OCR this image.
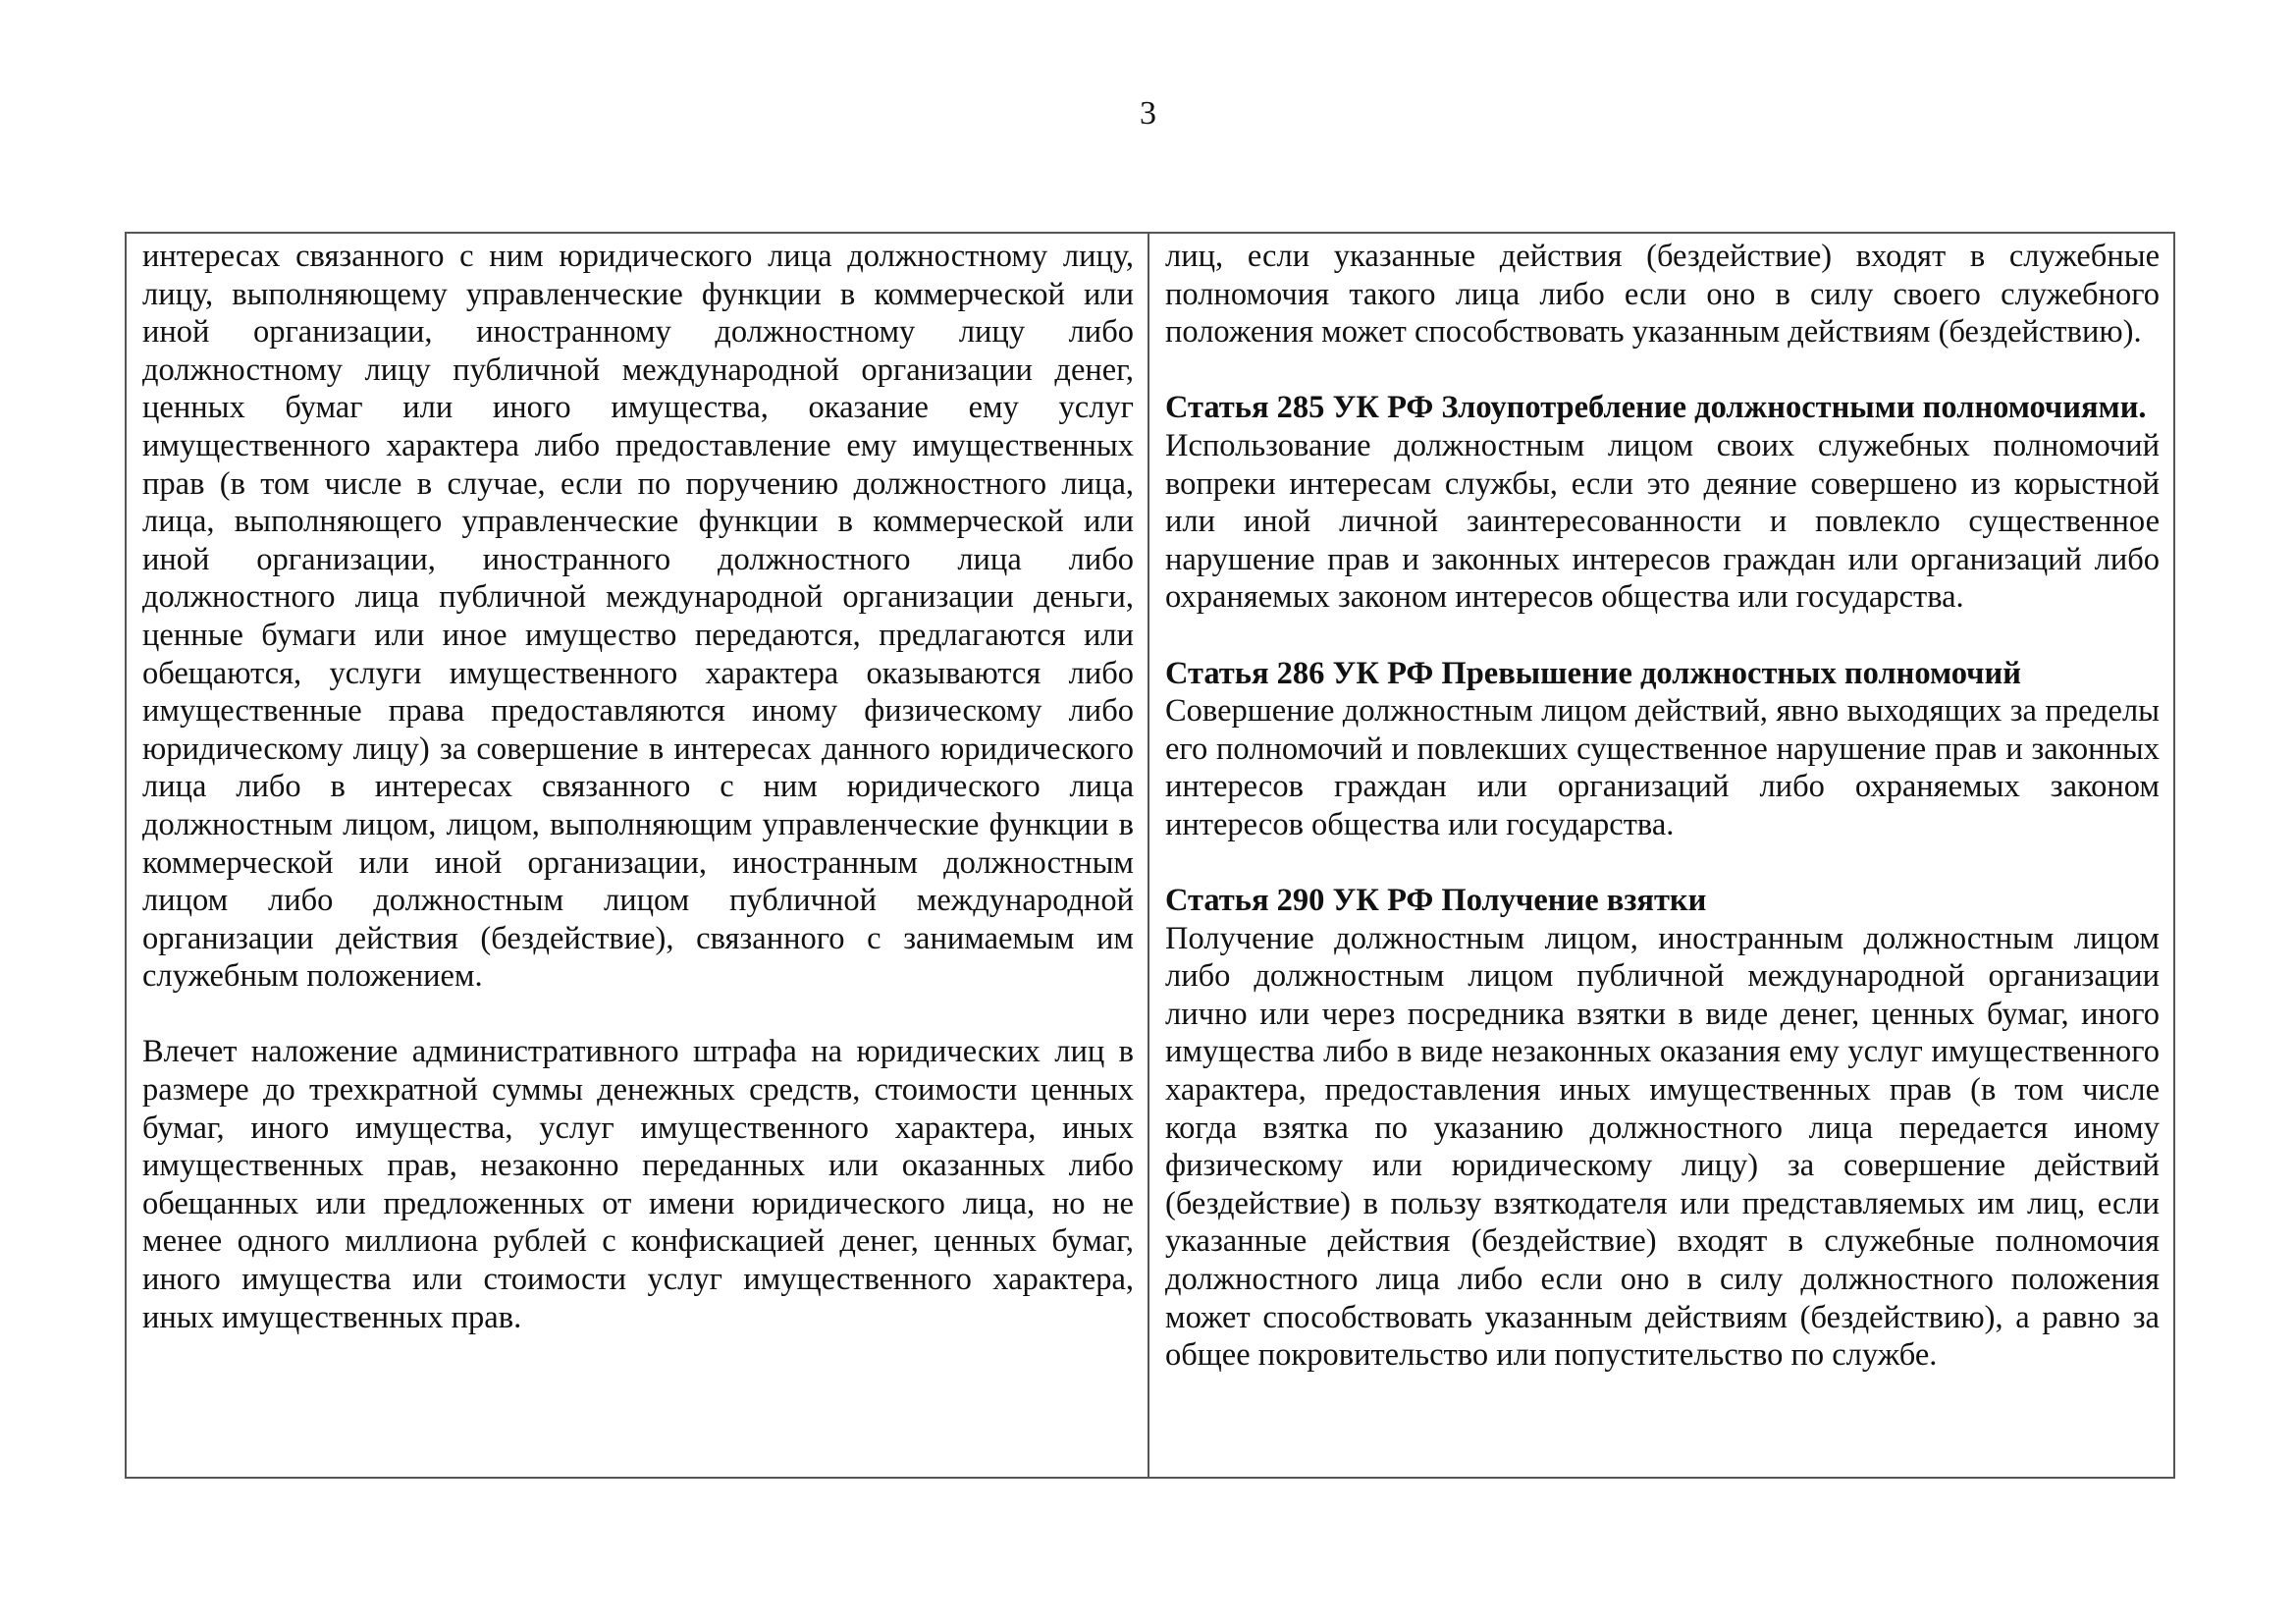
3

интересах связанного с ним юридического лица должностному лицу, лицу, выполняющему управленческие функции в коммерческой или иной организации, иностранному должностному лицу либо должностному лицу публичной международной организации денег, ценных бумаг или иного имущества, оказание ему услуг имущественного характера либо предоставление ему имущественных прав (в том числе в случае, если по поручению должностного лица, лица, выполняющего управленческие функции в коммерческой или иной организации, иностранного должностного лица либо должностного лица публичной международной организации деньги, ценные бумаги или иное имущество передаются, предлагаются или обещаются, услуги имущественного характера оказываются либо имущественные права предоставляются иному физическому либо юридическому лицу) за совершение в интересах данного юридического лица либо в интересах связанного с ним юридического лица должностным лицом, лицом, выполняющим управленческие функции в коммерческой или иной организации, иностранным должностным лицом либо должностным лицом публичной международной организации действия (бездействие), связанного с занимаемым им служебным положением.

Влечет наложение административного штрафа на юридических лиц в размере до трехкратной суммы денежных средств, стоимости ценных бумаг, иного имущества, услуг имущественного характера, иных имущественных прав, незаконно переданных или оказанных либо обещанных или предложенных от имени юридического лица, но не менее одного миллиона рублей с конфискацией денег, ценных бумаг, иного имущества или стоимости услуг имущественного характера, иных имущественных прав.

лиц, если указанные действия (бездействие) входят в служебные полномочия такого лица либо если оно в силу своего служебного положения может способствовать указанным действиям (бездействию).

Статья 285 УК РФ Злоупотребление должностными полномочиями.

Использование должностным лицом своих служебных полномочий вопреки интересам службы, если это деяние совершено из корыстной или иной личной заинтересованности и повлекло существенное нарушение прав и законных интересов граждан или организаций либо охраняемых законом интересов общества или государства.

Статья 286 УК РФ Превышение должностных полномочий

Совершение должностным лицом действий, явно выходящих за пределы его полномочий и повлекших существенное нарушение прав и законных интересов граждан или организаций либо охраняемых законом интересов общества или государства.

Статья 290 УК РФ Получение взятки

Получение должностным лицом, иностранным должностным лицом либо должностным лицом публичной международной организации лично или через посредника взятки в виде денег, ценных бумаг, иного имущества либо в виде незаконных оказания ему услуг имущественного характера, предоставления иных имущественных прав (в том числе когда взятка по указанию должностного лица передается иному физическому или юридическому лицу) за совершение действий (бездействие) в пользу взяткодателя или представляемых им лиц, если указанные действия (бездействие) входят в служебные полномочия должностного лица либо если оно в силу должностного положения может способствовать указанным действиям (бездействию), а равно за общее покровительство или попустительство по службе.
